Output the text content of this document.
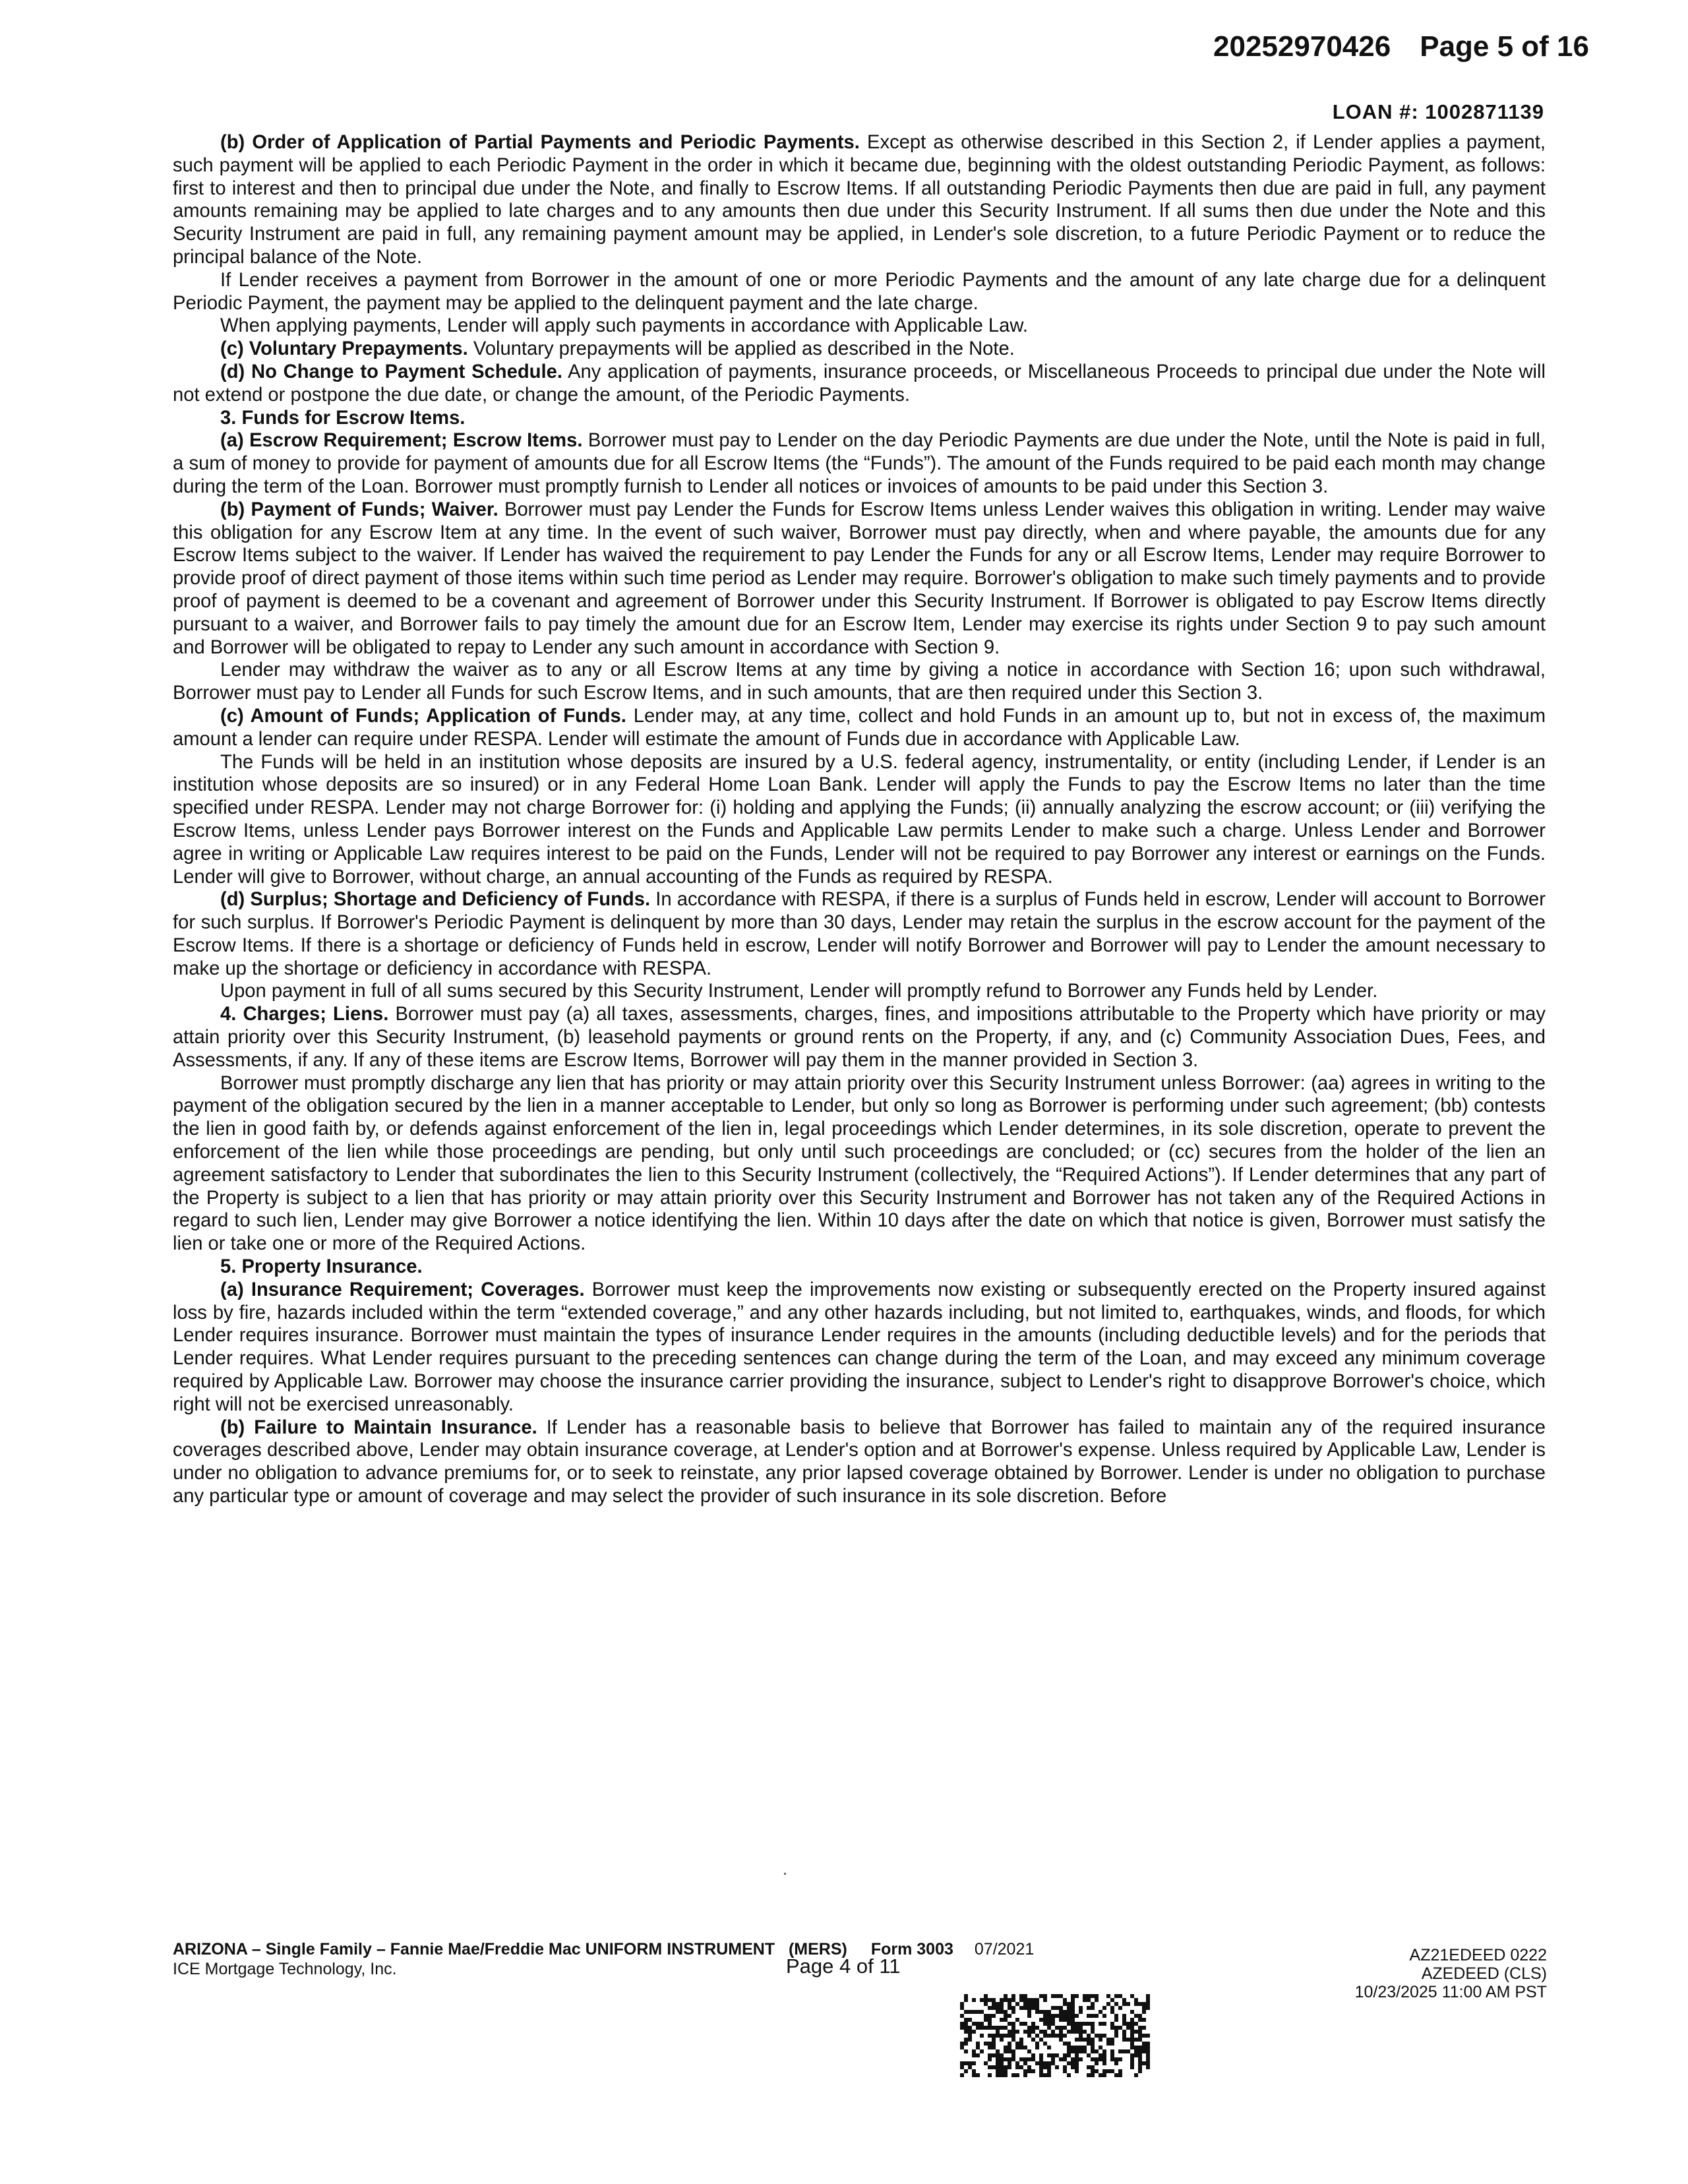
20252970426 Page 5 of 16
LOAN #: 1002871139

(b) Order of Application of Partial Payments and Periodic Payments. Except as otherwise described in this Section 2, if Lender applies a payment, such payment will be applied to each Periodic Payment in the order in which it became due, beginning with the oldest outstanding Periodic Payment, as follows: first to interest and then to principal due under the Note, and finally to Escrow Items. If all outstanding Periodic Payments then due are paid in full, any payment amounts remaining may be applied to late charges and to any amounts then due under this Security Instrument. If all sums then due under the Note and this Security Instrument are paid in full, any remaining payment amount may be applied, in Lender's sole discretion, to a future Periodic Payment or to reduce the principal balance of the Note.

If Lender receives a payment from Borrower in the amount of one or more Periodic Payments and the amount of any late charge due for a delinquent Periodic Payment, the payment may be applied to the delinquent payment and the late charge.

When applying payments, Lender will apply such payments in accordance with Applicable Law.

(c) Voluntary Prepayments. Voluntary prepayments will be applied as described in the Note.

(d) No Change to Payment Schedule. Any application of payments, insurance proceeds, or Miscellaneous Proceeds to principal due under the Note will not extend or postpone the due date, or change the amount, of the Periodic Payments.

3. Funds for Escrow Items.

(a) Escrow Requirement; Escrow Items. Borrower must pay to Lender on the day Periodic Payments are due under the Note, until the Note is paid in full, a sum of money to provide for payment of amounts due for all Escrow Items (the “Funds”). The amount of the Funds required to be paid each month may change during the term of the Loan. Borrower must promptly furnish to Lender all notices or invoices of amounts to be paid under this Section 3.

(b) Payment of Funds; Waiver. Borrower must pay Lender the Funds for Escrow Items unless Lender waives this obligation in writing. Lender may waive this obligation for any Escrow Item at any time. In the event of such waiver, Borrower must pay directly, when and where payable, the amounts due for any Escrow Items subject to the waiver. If Lender has waived the requirement to pay Lender the Funds for any or all Escrow Items, Lender may require Borrower to provide proof of direct payment of those items within such time period as Lender may require. Borrower's obligation to make such timely payments and to provide proof of payment is deemed to be a covenant and agreement of Borrower under this Security Instrument. If Borrower is obligated to pay Escrow Items directly pursuant to a waiver, and Borrower fails to pay timely the amount due for an Escrow Item, Lender may exercise its rights under Section 9 to pay such amount and Borrower will be obligated to repay to Lender any such amount in accordance with Section 9.

Lender may withdraw the waiver as to any or all Escrow Items at any time by giving a notice in accordance with Section 16; upon such withdrawal, Borrower must pay to Lender all Funds for such Escrow Items, and in such amounts, that are then required under this Section 3.

(c) Amount of Funds; Application of Funds. Lender may, at any time, collect and hold Funds in an amount up to, but not in excess of, the maximum amount a lender can require under RESPA. Lender will estimate the amount of Funds due in accordance with Applicable Law.

The Funds will be held in an institution whose deposits are insured by a U.S. federal agency, instrumentality, or entity (including Lender, if Lender is an institution whose deposits are so insured) or in any Federal Home Loan Bank. Lender will apply the Funds to pay the Escrow Items no later than the time specified under RESPA. Lender may not charge Borrower for: (i) holding and applying the Funds; (ii) annually analyzing the escrow account; or (iii) verifying the Escrow Items, unless Lender pays Borrower interest on the Funds and Applicable Law permits Lender to make such a charge. Unless Lender and Borrower agree in writing or Applicable Law requires interest to be paid on the Funds, Lender will not be required to pay Borrower any interest or earnings on the Funds. Lender will give to Borrower, without charge, an annual accounting of the Funds as required by RESPA.

(d) Surplus; Shortage and Deficiency of Funds. In accordance with RESPA, if there is a surplus of Funds held in escrow, Lender will account to Borrower for such surplus. If Borrower's Periodic Payment is delinquent by more than 30 days, Lender may retain the surplus in the escrow account for the payment of the Escrow Items. If there is a shortage or deficiency of Funds held in escrow, Lender will notify Borrower and Borrower will pay to Lender the amount necessary to make up the shortage or deficiency in accordance with RESPA.

Upon payment in full of all sums secured by this Security Instrument, Lender will promptly refund to Borrower any Funds held by Lender.

4. Charges; Liens. Borrower must pay (a) all taxes, assessments, charges, fines, and impositions attributable to the Property which have priority or may attain priority over this Security Instrument, (b) leasehold payments or ground rents on the Property, if any, and (c) Community Association Dues, Fees, and Assessments, if any. If any of these items are Escrow Items, Borrower will pay them in the manner provided in Section 3.

Borrower must promptly discharge any lien that has priority or may attain priority over this Security Instrument unless Borrower: (aa) agrees in writing to the payment of the obligation secured by the lien in a manner acceptable to Lender, but only so long as Borrower is performing under such agreement; (bb) contests the lien in good faith by, or defends against enforcement of the lien in, legal proceedings which Lender determines, in its sole discretion, operate to prevent the enforcement of the lien while those proceedings are pending, but only until such proceedings are concluded; or (cc) secures from the holder of the lien an agreement satisfactory to Lender that subordinates the lien to this Security Instrument (collectively, the “Required Actions”). If Lender determines that any part of the Property is subject to a lien that has priority or may attain priority over this Security Instrument and Borrower has not taken any of the Required Actions in regard to such lien, Lender may give Borrower a notice identifying the lien. Within 10 days after the date on which that notice is given, Borrower must satisfy the lien or take one or more of the Required Actions.

5. Property Insurance.

(a) Insurance Requirement; Coverages. Borrower must keep the improvements now existing or subsequently erected on the Property insured against loss by fire, hazards included within the term “extended coverage,” and any other hazards including, but not limited to, earthquakes, winds, and floods, for which Lender requires insurance. Borrower must maintain the types of insurance Lender requires in the amounts (including deductible levels) and for the periods that Lender requires. What Lender requires pursuant to the preceding sentences can change during the term of the Loan, and may exceed any minimum coverage required by Applicable Law. Borrower may choose the insurance carrier providing the insurance, subject to Lender's right to disapprove Borrower's choice, which right will not be exercised unreasonably.

(b) Failure to Maintain Insurance. If Lender has a reasonable basis to believe that Borrower has failed to maintain any of the required insurance coverages described above, Lender may obtain insurance coverage, at Lender's option and at Borrower's expense. Unless required by Applicable Law, Lender is under no obligation to advance premiums for, or to seek to reinstate, any prior lapsed coverage obtained by Borrower. Lender is under no obligation to purchase any particular type or amount of coverage and may select the provider of such insurance in its sole discretion. Before

ARIZONA – Single Family – Fannie Mae/Freddie Mac UNIFORM INSTRUMENT (MERS) Form 3003 07/2021
ICE Mortgage Technology, Inc.	Page 4 of 11	AZ21EDEED 0222
AZEDEED (CLS)
10/23/2025 11:00 AM PST
